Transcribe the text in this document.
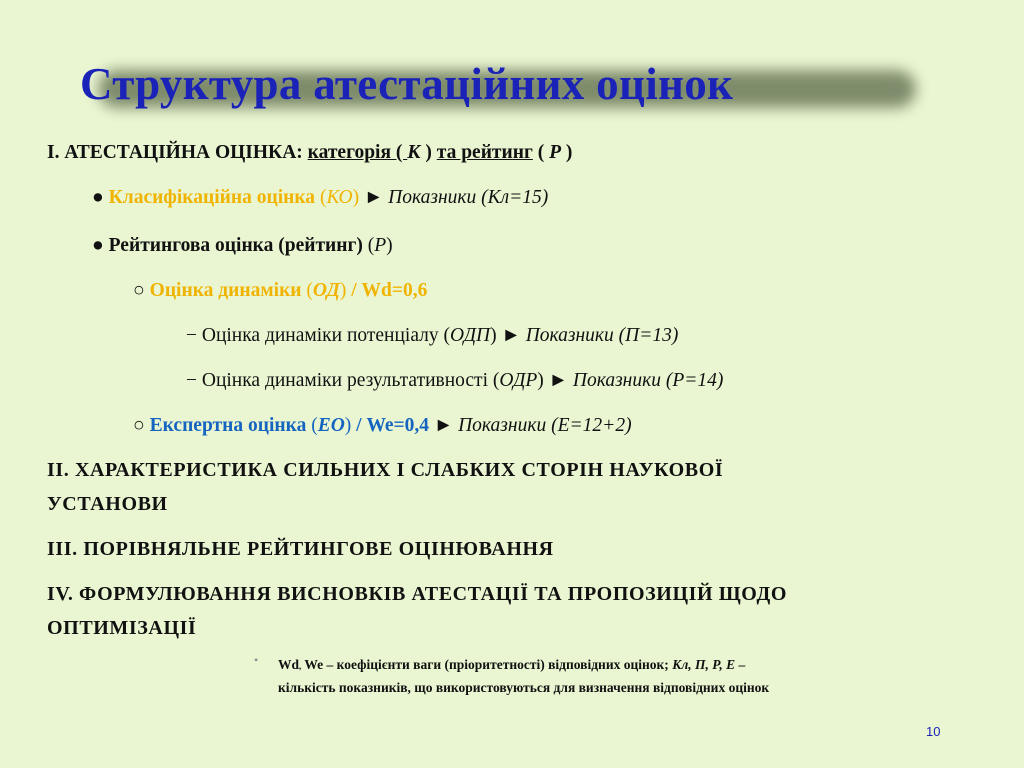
Структура атестаційних оцінок
І. АТЕСТАЦІЙНА ОЦІНКА: категорія ( К ) та рейтинг ( Р )
● Класифікаційна оцінка (КО) ► Показники (Кл=15)
● Рейтингова оцінка (рейтинг) (Р)
○ Оцінка динаміки (ОД) / Wd=0,6
− Оцінка динаміки потенціалу (ОДП) ► Показники (П=13)
− Оцінка динаміки результативності (ОДР) ► Показники (Р=14)
○ Експертна оцінка (ЕО) / We=0,4 ► Показники (Е=12+2)
ІІ. ХАРАКТЕРИСТИКА СИЛЬНИХ І СЛАБКИХ СТОРІН НАУКОВОЇ
УСТАНОВИ
ІІІ. ПОРІВНЯЛЬНЕ РЕЙТИНГОВЕ ОЦІНЮВАННЯ
ІV. ФОРМУЛЮВАННЯ ВИСНОВКІВ АТЕСТАЦІЇ ТА ПРОПОЗИЦІЙ ЩОДО
ОПТИМІЗАЦІЇ
• Wd, We – коефіцієнти ваги (пріоритетності) відповідних оцінок; Кл, П, Р, Е –
кількість показників, що використовуються для визначення відповідних оцінок
10
